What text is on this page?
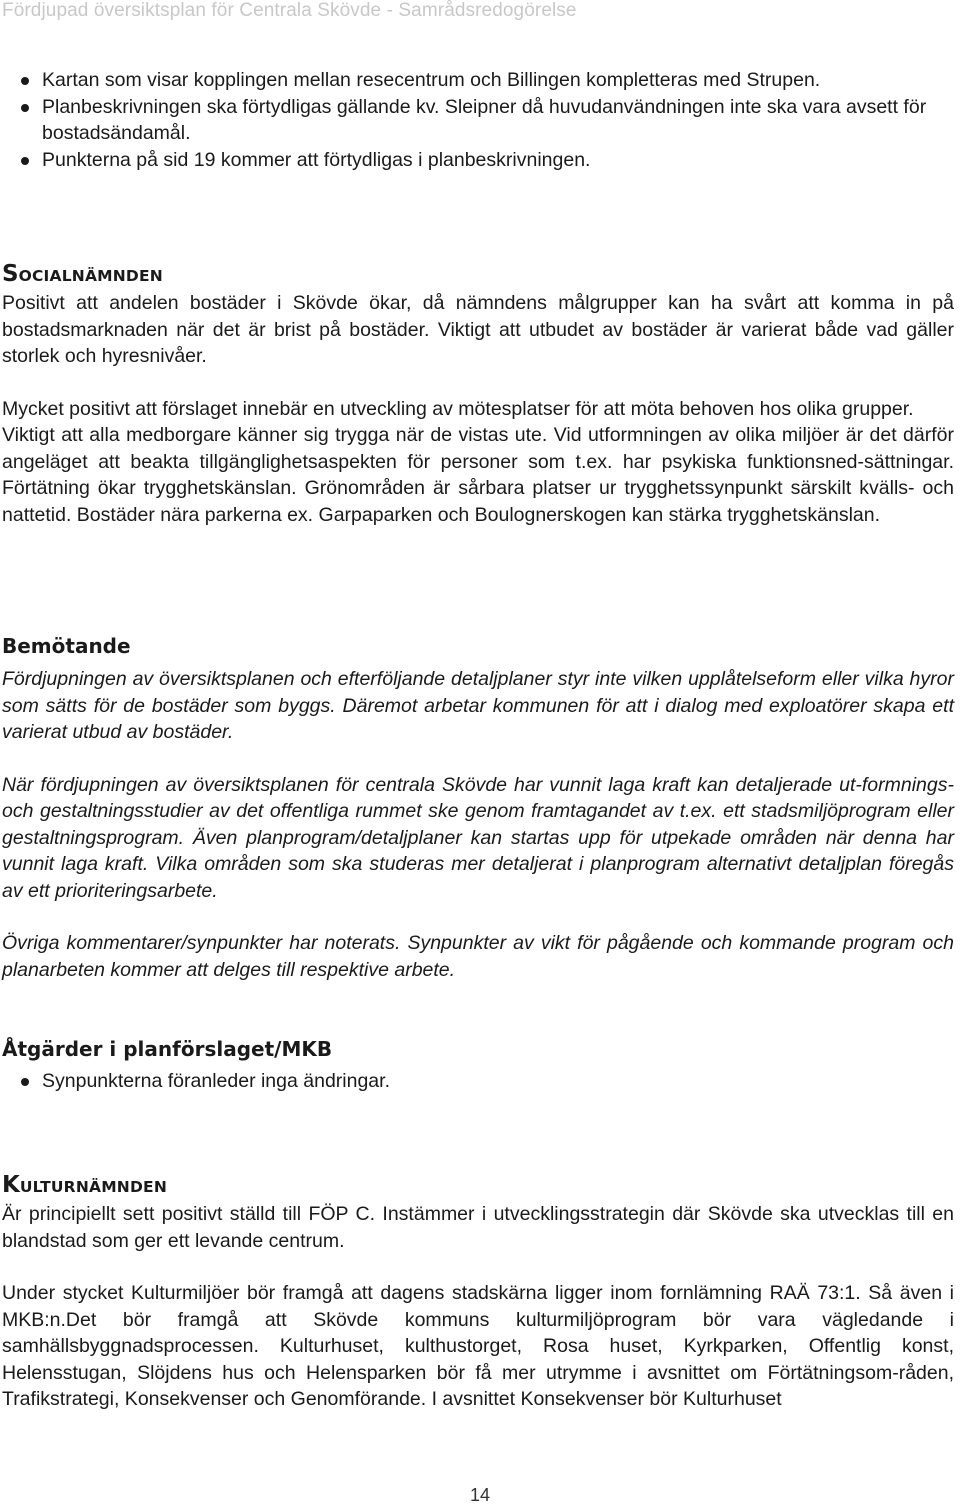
Fördjupad översiktsplan för Centrala Skövde - Samrådsredogörelse
Kartan som visar kopplingen mellan resecentrum och Billingen kompletteras med Strupen.
Planbeskrivningen ska förtydligas gällande kv. Sleipner då huvudanvändningen inte ska vara avsett för bostadsändamål.
Punkterna på sid 19 kommer att förtydligas i planbeskrivningen.
SOCIALNÄMNDEN

Positivt att andelen bostäder i Skövde ökar, då nämndens målgrupper kan ha svårt att komma in på bostadsmarknaden när det är brist på bostäder. Viktigt att utbudet av bostäder är varierat både vad gäller storlek och hyresnivåer.

Mycket positivt att förslaget innebär en utveckling av mötesplatser för att möta behoven hos olika grupper.

Viktigt att alla medborgare känner sig trygga när de vistas ute. Vid utformningen av olika miljöer är det därför angeläget att beakta tillgänglighetsaspekten för personer som t.ex. har psykiska funktionsned-sättningar. Förtätning ökar trygghetskänslan. Grönområden är sårbara platser ur trygghetssynpunkt särskilt kvälls- och nattetid. Bostäder nära parkerna ex. Garpaparken och Boulognerskogen kan stärka trygghetskänslan.

Bemötande

Fördjupningen av översiktsplanen och efterföljande detaljplaner styr inte vilken upplåtelseform eller vilka hyror som sätts för de bostäder som byggs. Däremot arbetar kommunen för att i dialog med exploatörer skapa ett varierat utbud av bostäder.

När fördjupningen av översiktsplanen för centrala Skövde har vunnit laga kraft kan detaljerade ut-formnings- och gestaltningsstudier av det offentliga rummet ske genom framtagandet av t.ex. ett stadsmiljöprogram eller gestaltningsprogram. Även planprogram/detaljplaner kan startas upp för utpekade områden när denna har vunnit laga kraft. Vilka områden som ska studeras mer detaljerat i planprogram alternativt detaljplan föregås av ett prioriteringsarbete.

Övriga kommentarer/synpunkter har noterats. Synpunkter av vikt för pågående och kommande program och planarbeten kommer att delges till respektive arbete.

Åtgärder i planförslaget/MKB
Synpunkterna föranleder inga ändringar.
KULTURNÄMNDEN

Är principiellt sett positivt ställd till FÖP C. Instämmer i utvecklingsstrategin där Skövde ska utvecklas till en blandstad som ger ett levande centrum.

Under stycket Kulturmiljöer bör framgå att dagens stadskärna ligger inom fornlämning RAÄ 73:1. Så även i MKB:n.Det bör framgå att Skövde kommuns kulturmiljöprogram bör vara vägledande i samhällsbyggnadsprocessen. Kulturhuset, kulthustorget, Rosa huset, Kyrkparken, Offentlig konst, Helensstugan, Slöjdens hus och Helensparken bör få mer utrymme i avsnittet om Förtätningsom-råden, Trafikstrategi, Konsekvenser och Genomförande. I avsnittet Konsekvenser bör Kulturhuset

14
